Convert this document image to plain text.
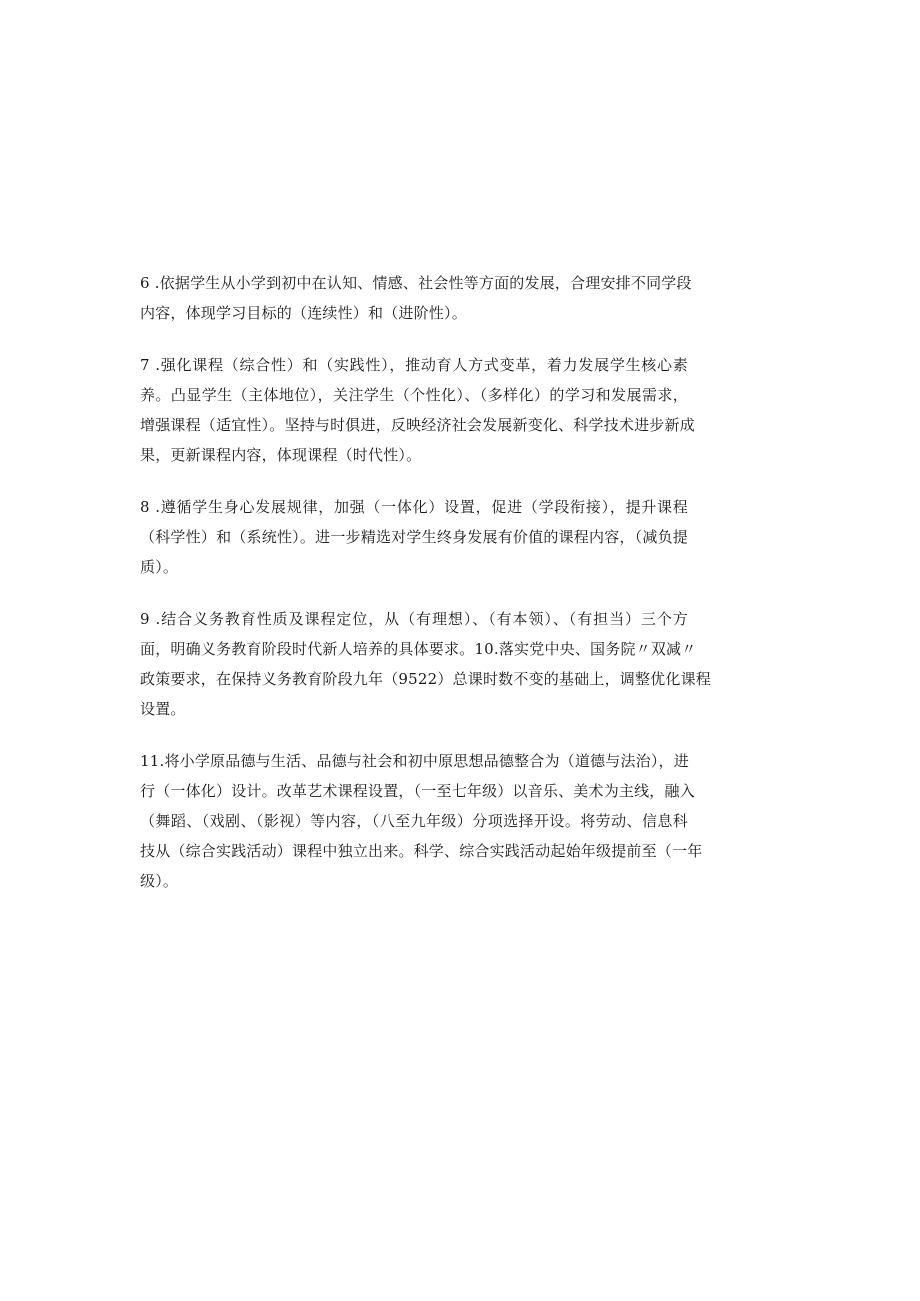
6 .依据学生从小学到初中在认知、情感、社会性等方面的发展，合理安排不同学段
内容，体现学习目标的（连续性）和（进阶性）。
7 .强化课程（综合性）和（实践性），推动育人方式变革，着力发展学生核心素
养。凸显学生（主体地位），关注学生（个性化）、（多样化）的学习和发展需求，
增强课程（适宜性）。坚持与时俱进，反映经济社会发展新变化、科学技术进步新成
果，更新课程内容，体现课程（时代性）。
8 .遵循学生身心发展规律，加强（一体化）设置，促进（学段衔接），提升课程
（科学性）和（系统性）。进一步精选对学生终身发展有价值的课程内容，（减负提
质）。
9 .结合义务教育性质及课程定位，从（有理想）、（有本领）、（有担当）三个方
面，明确义务教育阶段时代新人培养的具体要求。10.落实党中央、国务院〃双减〃
政策要求，在保持义务教育阶段九年（9522）总课时数不变的基础上，调整优化课程
设置。
11.将小学原品德与生活、品德与社会和初中原思想品德整合为（道德与法治），进
行（一体化）设计。改革艺术课程设置，（一至七年级）以音乐、美术为主线，融入
（舞蹈、（戏剧、（影视）等内容，（八至九年级）分项选择开设。将劳动、信息科
技从（综合实践活动）课程中独立出来。科学、综合实践活动起始年级提前至（一年
级）。
